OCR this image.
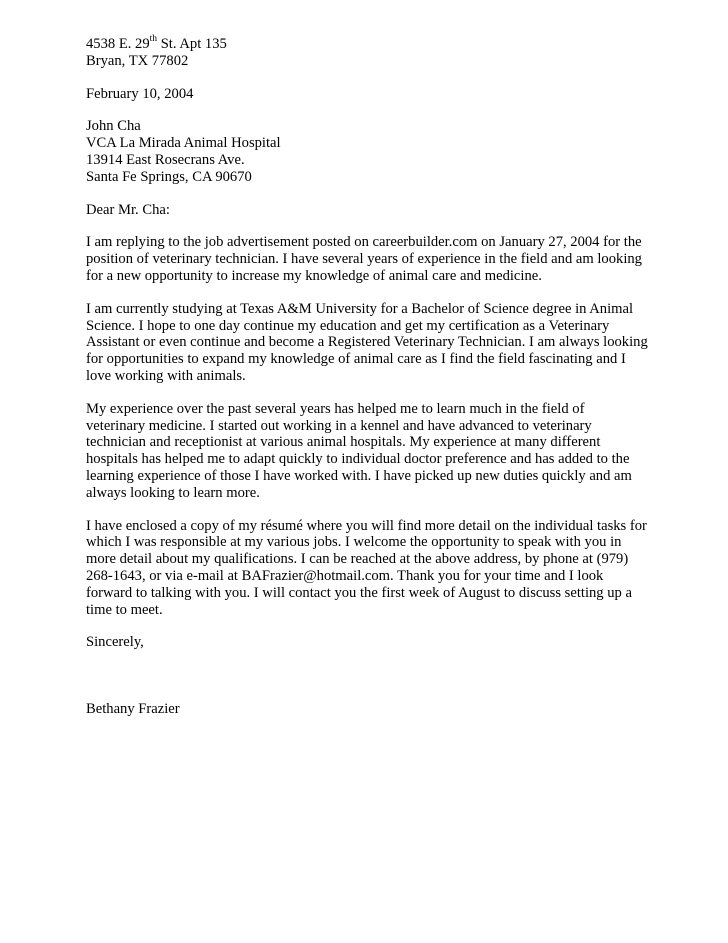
4538 E. 29th St. Apt 135
Bryan, TX 77802
February 10, 2004
John Cha
VCA La Mirada Animal Hospital
13914 East Rosecrans Ave.
Santa Fe Springs, CA 90670
Dear Mr. Cha:
I am replying to the job advertisement posted on careerbuilder.com on January 27, 2004 for the
position of veterinary technician. I have several years of experience in the field and am looking
for a new opportunity to increase my knowledge of animal care and medicine.
I am currently studying at Texas A&M University for a Bachelor of Science degree in Animal
Science. I hope to one day continue my education and get my certification as a Veterinary
Assistant or even continue and become a Registered Veterinary Technician. I am always looking
for opportunities to expand my knowledge of animal care as I find the field fascinating and I
love working with animals.
My experience over the past several years has helped me to learn much in the field of
veterinary medicine. I started out working in a kennel and have advanced to veterinary
technician and receptionist at various animal hospitals. My experience at many different
hospitals has helped me to adapt quickly to individual doctor preference and has added to the
learning experience of those I have worked with. I have picked up new duties quickly and am
always looking to learn more.
I have enclosed a copy of my résumé where you will find more detail on the individual tasks for
which I was responsible at my various jobs. I welcome the opportunity to speak with you in
more detail about my qualifications. I can be reached at the above address, by phone at (979)
268-1643, or via e-mail at BAFrazier@hotmail.com. Thank you for your time and I look
forward to talking with you. I will contact you the first week of August to discuss setting up a
time to meet.
Sincerely,
Bethany Frazier
